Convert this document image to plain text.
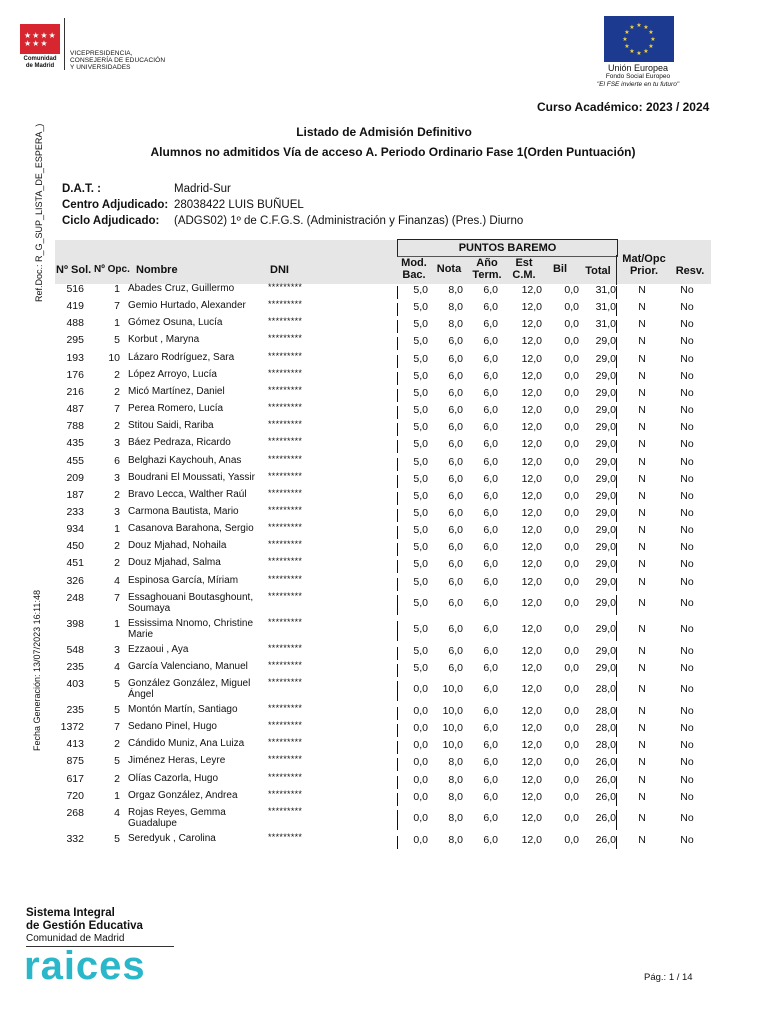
★★★★
★★★
Comunidad
de Madrid
VICEPRESIDENCIA,
CONSEJERÍA DE EDUCACIÓN
Y UNIVERSIDADES
★ ★
★
★
★
★
★
★
★
★
★
★
Unión Europea
Fondo Social Europeo
"El FSE invierte en tu futuro"
Curso Académico: 2023 / 2024
Ref.Doc.: R_G_SUP_LISTA_DE_ESPERA_)
Fecha Generación: 13/07/2023 16:11:48
Listado de Admisión Definitivo
Alumnos no admitidos Vía de acceso A. Periodo Ordinario Fase 1(Orden Puntuación)
D.A.T. :	Madrid-Sur
Centro Adjudicado: 28038422 LUIS BUÑUEL
Ciclo Adjudicado: (ADGS02) 1º de C.F.G.S. (Administración y Finanzas) (Pres.) Diurno
PUNTOS BAREMO
Nº Sol. Nº Opc. Nombre	DNI
Mod.
Bac.	Nota	Año
Term.
Est
C.M.	Bil	Total
Mat/Opc
Prior.	Resv.
516	1 Abades Cruz, Guillermo	*********	5,0	8,0	6,0	12,0	0,0	31,0	N	No
419	7 Gemio Hurtado, Alexander	*********	5,0	8,0	6,0	12,0	0,0	31,0	N	No
488	1 Gómez Osuna, Lucía	*********	5,0	8,0	6,0	12,0	0,0	31,0	N	No
295	5 Korbut , Maryna	*********	5,0	6,0	6,0	12,0	0,0	29,0	N	No
193	10 Lázaro Rodríguez, Sara	*********	5,0	6,0	6,0	12,0	0,0	29,0	N	No
176	2 López Arroyo, Lucía	*********	5,0	6,0	6,0	12,0	0,0	29,0	N	No
216	2 Micó Martínez, Daniel	*********	5,0	6,0	6,0	12,0	0,0	29,0	N	No
487	7 Perea Romero, Lucía	*********	5,0	6,0	6,0	12,0	0,0	29,0	N	No
788	2 Stitou Saidi, Rariba	*********	5,0	6,0	6,0	12,0	0,0	29,0	N	No
435	3 Báez Pedraza, Ricardo	*********	5,0	6,0	6,0	12,0	0,0	29,0	N	No
455	6 Belghazi Kaychouh, Anas	*********	5,0	6,0	6,0	12,0	0,0	29,0	N	No
209	3 Boudrani El Moussati, Yassir	*********	5,0	6,0	6,0	12,0	0,0	29,0	N	No
187	2 Bravo Lecca, Walther Raúl	*********	5,0	6,0	6,0	12,0	0,0	29,0	N	No
233	3 Carmona Bautista, Mario	*********	5,0	6,0	6,0	12,0	0,0	29,0	N	No
934	1 Casanova Barahona, Sergio	*********	5,0	6,0	6,0	12,0	0,0	29,0	N	No
450	2 Douz Mjahad, Nohaila	*********	5,0	6,0	6,0	12,0	0,0	29,0	N	No
451	2 Douz Mjahad, Salma	*********	5,0	6,0	6,0	12,0	0,0	29,0	N	No
326	4 Espinosa García, Míriam	*********	5,0	6,0	6,0	12,0	0,0	29,0	N	No
248	7 Essaghouani Boutasghount, Soumaya
*********
5,0	6,0	6,0	12,0	0,0	29,0	N	No
398	1 Essissima Nnomo, Christine Marie
*********
5,0	6,0	6,0	12,0	0,0	29,0	N	No
548	3 Ezzaoui , Aya	*********	5,0	6,0	6,0	12,0	0,0	29,0	N	No
235	4 García Valenciano, Manuel	*********	5,0	6,0	6,0	12,0	0,0	29,0	N	No
403	5 González González, Miguel Ángel
*********
0,0	10,0	6,0	12,0	0,0	28,0	N	No
235	5 Montón Martín, Santiago	*********	0,0	10,0	6,0	12,0	0,0	28,0	N	No
1372	7 Sedano Pinel, Hugo	*********	0,0	10,0	6,0	12,0	0,0	28,0	N	No
413	2 Cándido Muniz, Ana Luiza	*********	0,0	10,0	6,0	12,0	0,0	28,0	N	No
875	5 Jiménez Heras, Leyre	*********	0,0	8,0	6,0	12,0	0,0	26,0	N	No
617	2 Olías Cazorla, Hugo	*********	0,0	8,0	6,0	12,0	0,0	26,0	N	No
720	1 Orgaz González, Andrea	*********	0,0	8,0	6,0	12,0	0,0	26,0	N	No
268	4 Rojas Reyes, Gemma Guadalupe
*********
0,0	8,0	6,0	12,0	0,0	26,0	N	No
332	5 Seredyuk , Carolina	*********	0,0	8,0	6,0	12,0	0,0	26,0	N	No
Sistema Integral
de Gestión Educativa
Comunidad de Madrid
raices	Pág.: 1 / 14
